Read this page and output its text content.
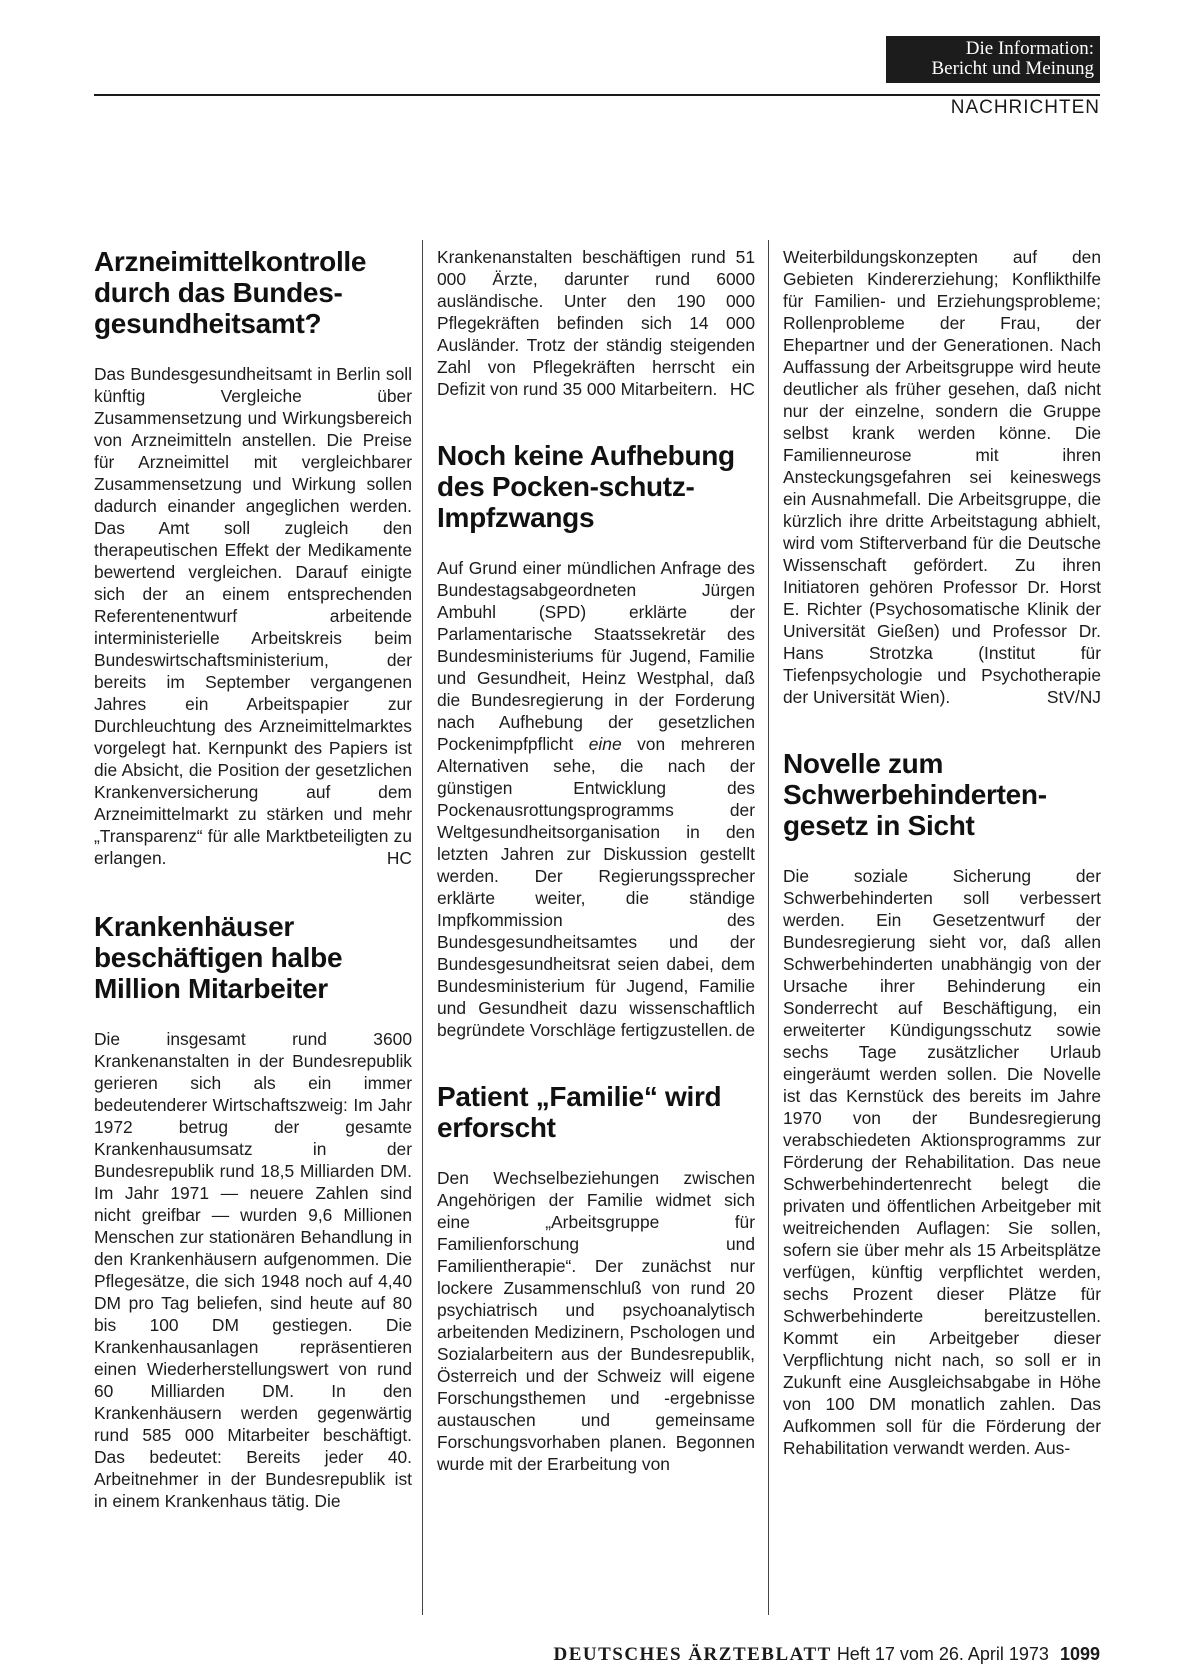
Die Information:
Bericht und Meinung
NACHRICHTEN
Arzneimittelkontrolle durch das Bundes-gesundheitsamt?

Das Bundesgesundheitsamt in Berlin soll künftig Vergleiche über Zusammensetzung und Wirkungsbereich von Arzneimitteln anstellen. Die Preise für Arzneimittel mit vergleichbarer Zusammensetzung und Wirkung sollen dadurch einander angeglichen werden. Das Amt soll zugleich den therapeutischen Effekt der Medikamente bewertend vergleichen. Darauf einigte sich der an einem entsprechenden Referentenentwurf arbeitende interministerielle Arbeitskreis beim Bundeswirtschaftsministerium, der bereits im September vergangenen Jahres ein Arbeitspapier zur Durchleuchtung des Arzneimittelmarktes vorgelegt hat. Kernpunkt des Papiers ist die Absicht, die Position der gesetzlichen Krankenversicherung auf dem Arzneimittelmarkt zu stärken und mehr „Transparenz“ für alle Marktbeteiligten zu erlangen.	HC

Krankenhäuser beschäftigen halbe Million Mitarbeiter

Die insgesamt rund 3600 Krankenanstalten in der Bundesrepublik gerieren sich als ein immer bedeutenderer Wirtschaftszweig: Im Jahr 1972 betrug der gesamte Krankenhausumsatz in der Bundesrepublik rund 18,5 Milliarden DM. Im Jahr 1971 — neuere Zahlen sind nicht greifbar — wurden 9,6 Millionen Menschen zur stationären Behandlung in den Krankenhäusern aufgenommen. Die Pflegesätze, die sich 1948 noch auf 4,40 DM pro Tag beliefen, sind heute auf 80 bis 100 DM gestiegen. Die Krankenhausanlagen repräsentieren einen Wiederherstellungswert von rund 60 Milliarden DM. In den Krankenhäusern werden gegenwärtig rund 585 000 Mitarbeiter beschäftigt. Das bedeutet: Bereits jeder 40. Arbeitnehmer in der Bundesrepublik ist in einem Krankenhaus tätig. Die

Krankenanstalten beschäftigen rund 51 000 Ärzte, darunter rund 6000 ausländische. Unter den 190 000 Pflegekräften befinden sich 14 000 Ausländer. Trotz der ständig steigenden Zahl von Pflegekräften herrscht ein Defizit von rund 35 000 Mitarbeitern. HC

Noch keine Aufhebung des Pocken-schutz-Impfzwangs

Auf Grund einer mündlichen Anfrage des Bundestagsabgeordneten Jürgen Ambuhl (SPD) erklärte der Parlamentarische Staatssekretär des Bundesministeriums für Jugend, Familie und Gesundheit, Heinz Westphal, daß die Bundesregierung in der Forderung nach Aufhebung der gesetzlichen Pockenimpfpflicht eine von mehreren Alternativen sehe, die nach der günstigen Entwicklung des Pockenausrottungsprogramms der Weltgesundheitsorganisation in den letzten Jahren zur Diskussion gestellt werden. Der Regierungssprecher erklärte weiter, die ständige Impfkommission des Bundesgesundheitsamtes und der Bundesgesundheitsrat seien dabei, dem Bundesministerium für Jugend, Familie und Gesundheit dazu wissenschaftlich begründete Vorschläge fertigzustellen. de

Patient „Familie“ wird erforscht

Den Wechselbeziehungen zwischen Angehörigen der Familie widmet sich eine „Arbeitsgruppe für Familienforschung und Familientherapie“. Der zunächst nur lockere Zusammenschluß von rund 20 psychiatrisch und psychoanalytisch arbeitenden Medizinern, Pschologen und Sozialarbeitern aus der Bundesrepublik, Österreich und der Schweiz will eigene Forschungsthemen und -ergebnisse austauschen und gemeinsame Forschungsvorhaben planen. Begonnen wurde mit der Erarbeitung von

Weiterbildungskonzepten auf den Gebieten Kindererziehung; Konflikthilfe für Familien- und Erziehungsprobleme; Rollenprobleme der Frau, der Ehepartner und der Generationen. Nach Auffassung der Arbeitsgruppe wird heute deutlicher als früher gesehen, daß nicht nur der einzelne, sondern die Gruppe selbst krank werden könne. Die Familienneurose mit ihren Ansteckungsgefahren sei keineswegs ein Ausnahmefall. Die Arbeitsgruppe, die kürzlich ihre dritte Arbeitstagung abhielt, wird vom Stifterverband für die Deutsche Wissenschaft gefördert. Zu ihren Initiatoren gehören Professor Dr. Horst E. Richter (Psychosomatische Klinik der Universität Gießen) und Professor Dr. Hans Strotzka (Institut für Tiefenpsychologie und Psychotherapie der Universität Wien).	StV/NJ

Novelle zum Schwerbehinderten-gesetz in Sicht

Die soziale Sicherung der Schwerbehinderten soll verbessert werden. Ein Gesetzentwurf der Bundesregierung sieht vor, daß allen Schwerbehinderten unabhängig von der Ursache ihrer Behinderung ein Sonderrecht auf Beschäftigung, ein erweiterter Kündigungsschutz sowie sechs Tage zusätzlicher Urlaub eingeräumt werden sollen. Die Novelle ist das Kernstück des bereits im Jahre 1970 von der Bundesregierung verabschiedeten Aktionsprogramms zur Förderung der Rehabilitation. Das neue Schwerbehindertenrecht belegt die privaten und öffentlichen Arbeitgeber mit weitreichenden Auflagen: Sie sollen, sofern sie über mehr als 15 Arbeitsplätze verfügen, künftig verpflichtet werden, sechs Prozent dieser Plätze für Schwerbehinderte bereitzustellen. Kommt ein Arbeitgeber dieser Verpflichtung nicht nach, so soll er in Zukunft eine Ausgleichsabgabe in Höhe von 100 DM monatlich zahlen. Das Aufkommen soll für die Förderung der Rehabilitation verwandt werden. Aus-

DEUTSCHES ÄRZTEBLATT Heft 17 vom 26. April 1973 1099
